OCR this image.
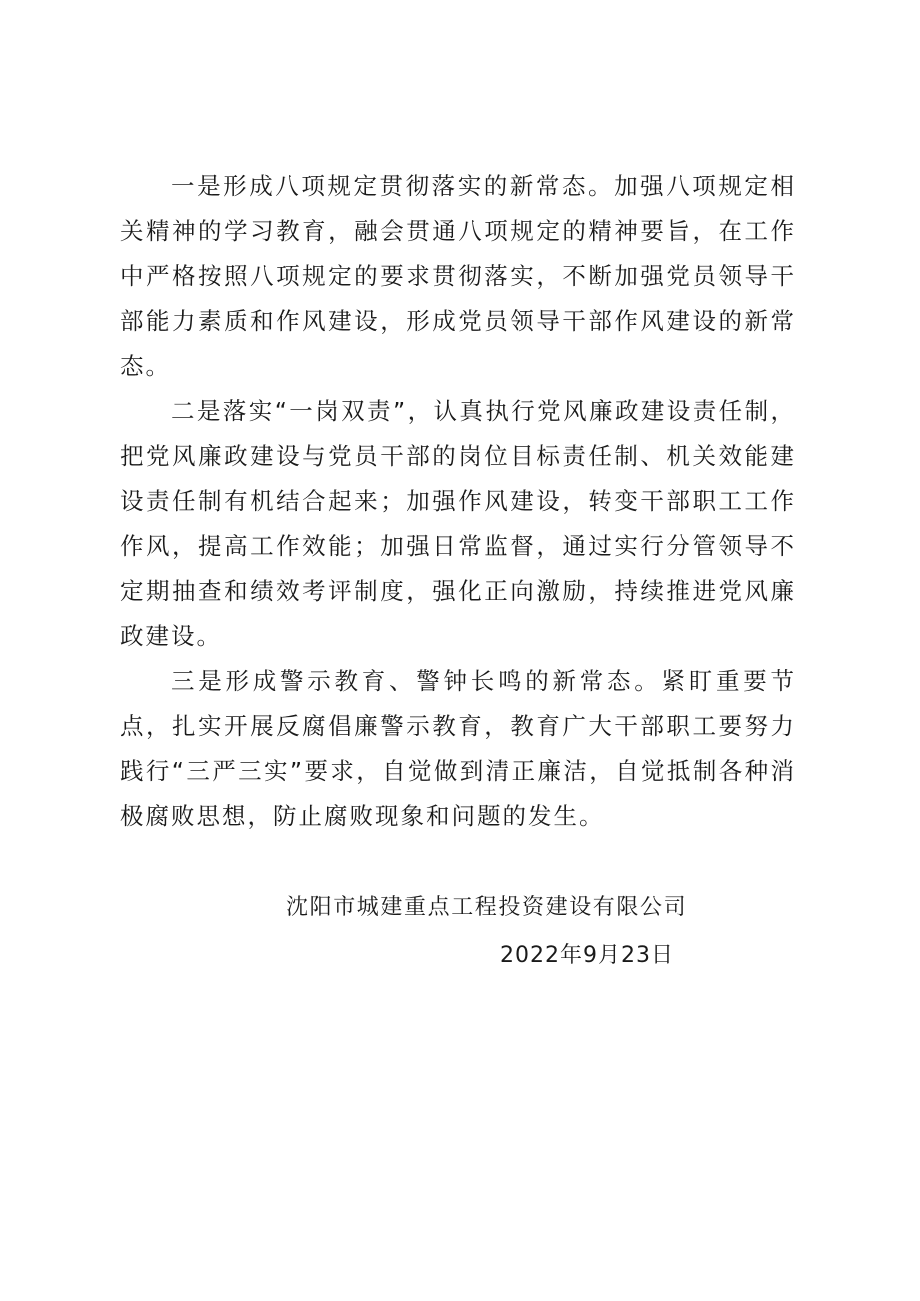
一是形成八项规定贯彻落实的新常态。加强八项规定相关精神的学习教育，融会贯通八项规定的精神要旨，在工作中严格按照八项规定的要求贯彻落实，不断加强党员领导干部能力素质和作风建设，形成党员领导干部作风建设的新常态。

二是落实“一岗双责”，认真执行党风廉政建设责任制，把党风廉政建设与党员干部的岗位目标责任制、机关效能建设责任制有机结合起来；加强作风建设，转变干部职工工作作风，提高工作效能；加强日常监督，通过实行分管领导不定期抽查和绩效考评制度，强化正向激励，持续推进党风廉政建设。

三是形成警示教育、警钟长鸣的新常态。紧盯重要节点，扎实开展反腐倡廉警示教育，教育广大干部职工要努力践行“三严三实”要求，自觉做到清正廉洁，自觉抵制各种消极腐败思想，防止腐败现象和问题的发生。

沈阳市城建重点工程投资建设有限公司
2022年9月23日
